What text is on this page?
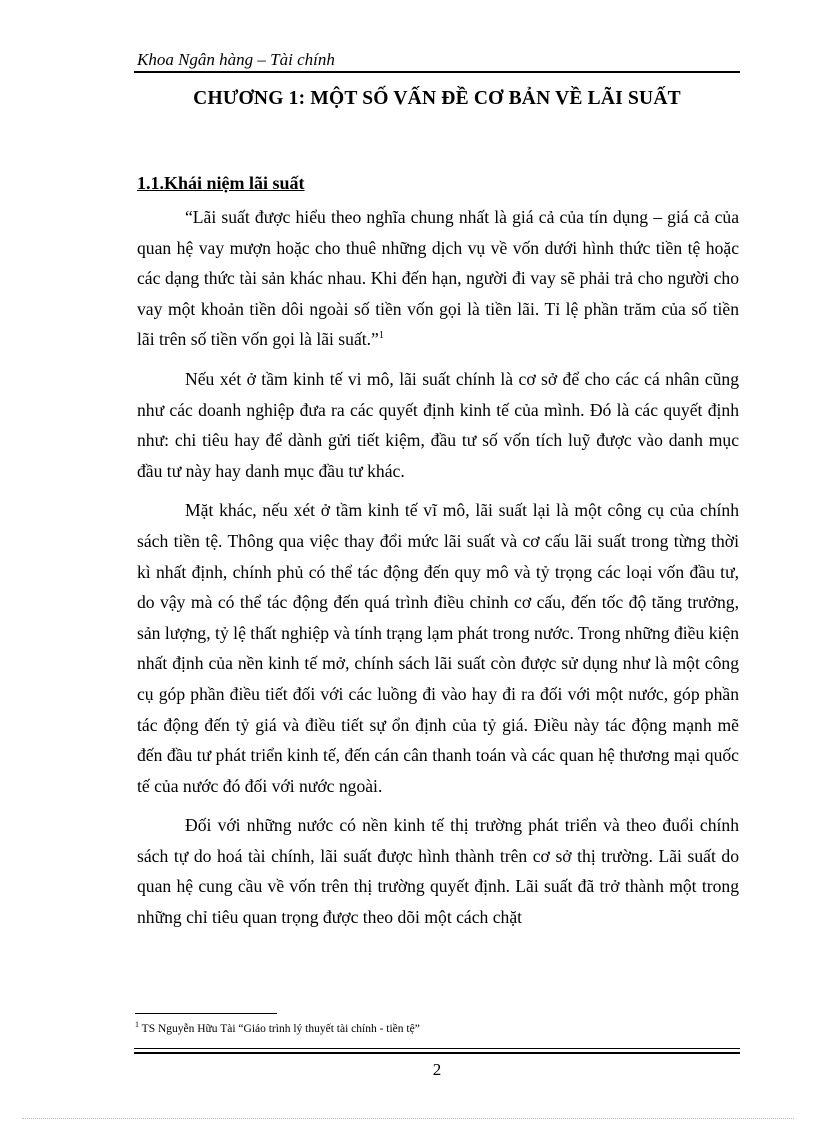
Khoa Ngân hàng – Tài chính
CHƯƠNG 1: MỘT SỐ VẤN ĐỀ CƠ BẢN VỀ LÃI SUẤT
1.1.Khái niệm lãi suất

“Lãi suất được hiểu theo nghĩa chung nhất là giá cả của tín dụng – giá cả của quan hệ vay mượn hoặc cho thuê những dịch vụ về vốn dưới hình thức tiền tệ hoặc các dạng thức tài sản khác nhau. Khi đến hạn, người đi vay sẽ phải trả cho người cho vay một khoản tiền dôi ngoài số tiền vốn gọi là tiền lãi. Tỉ lệ phần trăm của số tiền lãi trên số tiền vốn gọi là lãi suất.”$^1$

Nếu xét ở tầm kinh tế vi mô, lãi suất chính là cơ sở để cho các cá nhân cũng như các doanh nghiệp đưa ra các quyết định kinh tế của mình. Đó là các quyết định như: chi tiêu hay để dành gửi tiết kiệm, đầu tư số vốn tích luỹ được vào danh mục đầu tư này hay danh mục đầu tư khác.

Mặt khác, nếu xét ở tầm kinh tế vĩ mô, lãi suất lại là một công cụ của chính sách tiền tệ. Thông qua việc thay đổi mức lãi suất và cơ cấu lãi suất trong từng thời kì nhất định, chính phủ có thể tác động đến quy mô và tỷ trọng các loại vốn đầu tư, do vậy mà có thể tác động đến quá trình điều chỉnh cơ cấu, đến tốc độ tăng trưởng, sản lượng, tỷ lệ thất nghiệp và tính trạng lạm phát trong nước. Trong những điều kiện nhất định của nền kinh tế mở, chính sách lãi suất còn được sử dụng như là một công cụ góp phần điều tiết đối với các luồng đi vào hay đi ra đối với một nước, góp phần tác động đến tỷ giá và điều tiết sự ổn định của tỷ giá. Điều này tác động mạnh mẽ đến đầu tư phát triển kinh tế, đến cán cân thanh toán và các quan hệ thương mại quốc tế của nước đó đối với nước ngoài.

Đối với những nước có nền kinh tế thị trường phát triển và theo đuổi chính sách tự do hoá tài chính, lãi suất được hình thành trên cơ sở thị trường. Lãi suất do quan hệ cung cầu về vốn trên thị trường quyết định. Lãi suất đã trở thành một trong những chỉ tiêu quan trọng được theo dõi một cách chặt

$^1$ TS Nguyễn Hữu Tài “Giáo trình lý thuyết tài chính - tiền tệ”
2
